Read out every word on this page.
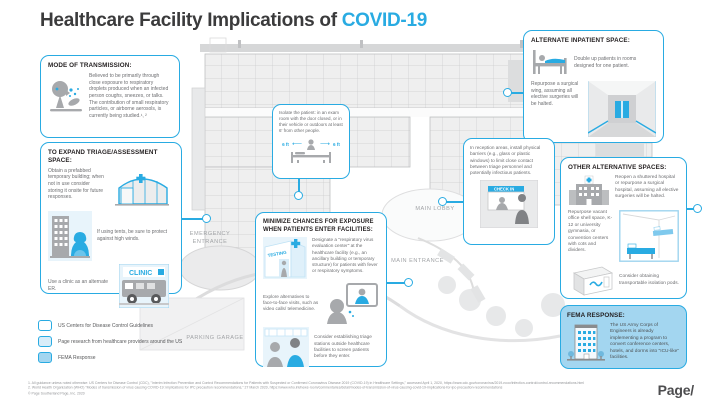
Healthcare Facility Implications of COVID-19
EMERGENCY ENTRANCE
MAIN LOBBY
MAIN ENTRANCE
PARKING GARAGE
MODE OF TRANSMISSION:
Believed to be primarily through close exposure to respiratory droplets produced when an infected person coughs, sneezes, or talks. The contribution of small respiratory particles, or airborne aerosols, is currently being studied.¹, ²
TO EXPAND TRIAGE/ASSESSMENT SPACE:
Obtain a prefabbed temporary building; when not in use consider storing it onsite for future responses.
If using tents, be sure to protect against high winds.
Use a clinic as an alternate ER.
CLINIC
Isolate the patient: in an exam room with the door closed, or in their vehicle or outdoors at least 6' from other people.
6 ft ⟵	⟶ 6 ft
ALTERNATE INPATIENT SPACE:
Double up patients in rooms designed for one patient.
Repurpose a surgical wing, assuming all elective surgeries will be halted.
In reception areas, install physical barriers (e.g., glass or plastic windows) to limit close contact between triage personnel and potentially infectious patients.
CHECK IN
MINIMIZE CHANCES FOR EXPOSURE WHEN PATIENTS ENTER FACILITIES:
TESTING
Designate a "respiratory virus evaluation center" at the healthcare facility (e.g., an ancillary building or temporary structure) for patients with fever or respiratory symptoms.
Explore alternatives to face-to-face visits, such as video calls/ telemedicine.
Consider establishing triage stations outside healthcare facilities to screen patients before they enter.
OTHER ALTERNATIVE SPACES:
Reopen a shuttered hospital or repurpose a surgical hospital, assuming all elective surgeries will be halted.
Repurpose vacant office shell space, K-12 or university gymnasia, or convention centers with cots and dividers.
Consider obtaining transportable isolation pods.
FEMA RESPONSE:
The US Army Corps of Engineers is already implementing a program to convert conference centers, hotels, and dorms into "ICU-like" facilities.
US Centers for Disease Control Guidelines
Page research from healthcare providers around the US
FEMA Response
1. All guidance unless noted otherwise: US Centers for Disease Control (CDC), "Interim Infection Prevention and Control Recommendations for Patients with Suspected or Confirmed Coronavirus Disease 2019 (COVID-19) in Healthcare Settings," accessed April 1, 2020, https://www.cdc.gov/coronavirus/2019-ncov/infection-control/control-recommendations.html
2. World Health Organization (WHO) "Modes of transmission of virus causing COVID-19: implications for IPC precaution recommendations," 27 March 2020, https://www.who.int/news-room/commentaries/detail/modes-of-transmission-of-virus-causing-covid-19-implications-for-ipc-precaution-recommendations
© Page Southerland Page, Inc. 2020	Page/
